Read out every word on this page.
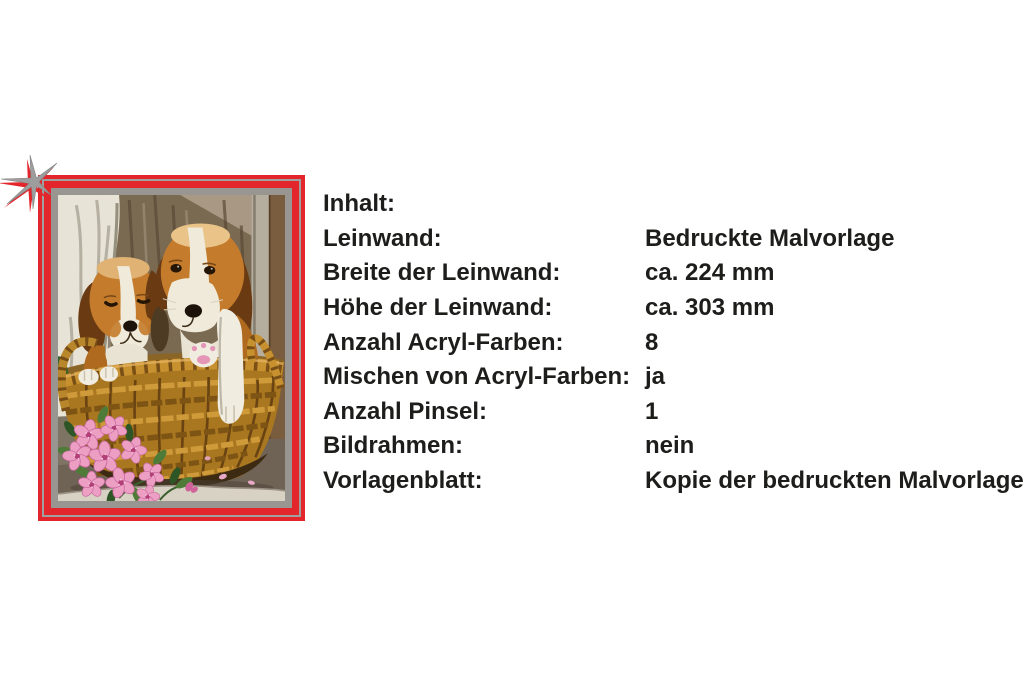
Inhalt:
Leinwand:	Bedruckte Malvorlage
Breite der Leinwand:	ca. 224 mm
Höhe der Leinwand:	ca. 303 mm
Anzahl Acryl-Farben:	8
Mischen von Acryl-Farben: ja
Anzahl Pinsel:	1
Bildrahmen:	nein
Vorlagenblatt:	Kopie der bedruckten Malvorlage
